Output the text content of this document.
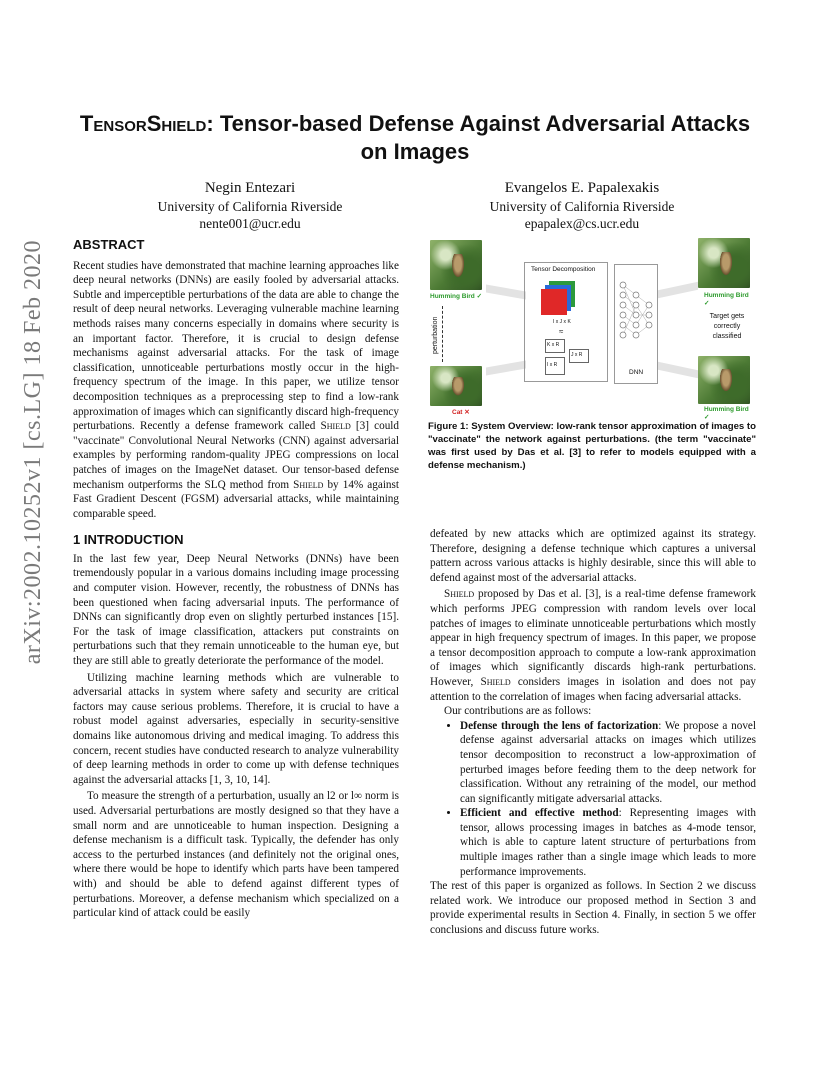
arXiv:2002.10252v1 [cs.LG] 18 Feb 2020
TensorShield: Tensor-based Defense Against Adversarial Attacks on Images
Negin Entezari
University of California Riverside
nente001@ucr.edu
Evangelos E. Papalexakis
University of California Riverside
epapalex@cs.ucr.edu
ABSTRACT

Recent studies have demonstrated that machine learning approaches like deep neural networks (DNNs) are easily fooled by adversarial attacks. Subtle and imperceptible perturbations of the data are able to change the result of deep neural networks. Leveraging vulnerable machine learning methods raises many concerns especially in domains where security is an important factor. Therefore, it is crucial to design defense mechanisms against adversarial attacks. For the task of image classification, unnoticeable perturbations mostly occur in the high-frequency spectrum of the image. In this paper, we utilize tensor decomposition techniques as a preprocessing step to find a low-rank approximation of images which can significantly discard high-frequency perturbations. Recently a defense framework called Shield [3] could "vaccinate" Convolutional Neural Networks (CNN) against adversarial examples by performing random-quality JPEG compressions on local patches of images on the ImageNet dataset. Our tensor-based defense mechanism outperforms the SLQ method from Shield by 14% against Fast Gradient Descent (FGSM) adversarial attacks, while maintaining comparable speed.

1 INTRODUCTION

In the last few year, Deep Neural Networks (DNNs) have been tremendously popular in a various domains including image processing and computer vision. However, recently, the robustness of DNNs has been questioned when facing adversarial inputs. The performance of DNNs can significantly drop even on slightly perturbed instances [15]. For the task of image classification, attackers put constraints on perturbations such that they remain unnoticeable to the human eye, but they are still able to greatly deteriorate the performance of the model.

Utilizing machine learning methods which are vulnerable to adversarial attacks in system where safety and security are critical factors may cause serious problems. Therefore, it is crucial to have a robust model against adversaries, especially in security-sensitive domains like autonomous driving and medical imaging. To address this concern, recent studies have conducted research to analyze vulnerability of deep learning methods in order to come up with defense techniques against the adversarial attacks [1, 3, 10, 14].

To measure the strength of a perturbation, usually an l2 or l∞ norm is used. Adversarial perturbations are mostly designed so that they have a small norm and are unnoticeable to human inspection. Designing a defense mechanism is a difficult task. Typically, the defender has only access to the perturbed instances (and definitely not the original ones, where there would be hope to identify which parts have been tampered with) and should be able to defend against different types of perturbations. Moreover, a defense mechanism which specialized on a particular kind of attack could be easily

Humming Bird ✓
perturbation
Cat ✕
Tensor Decomposition
I x J x K
≈
K x R
J x R
I x R
DNN
Humming Bird ✓
Target gets correctly classified
Humming Bird ✓
Figure 1: System Overview: low-rank tensor approximation of images to "vaccinate" the network against perturbations. (the term "vaccinate" was first used by Das et al. [3] to refer to models equipped with a defense mechanism.)

defeated by new attacks which are optimized against its strategy. Therefore, designing a defense technique which captures a universal pattern across various attacks is highly desirable, since this will able to defend against most of the adversarial attacks.

Shield proposed by Das et al. [3], is a real-time defense framework which performs JPEG compression with random levels over local patches of images to eliminate unnoticeable perturbations which mostly appear in high frequency spectrum of images. In this paper, we propose a tensor decomposition approach to compute a low-rank approximation of images which significantly discards high-rank perturbations. However, Shield considers images in isolation and does not pay attention to the correlation of images when facing adversarial attacks.

Our contributions are as follows:

• Defense through the lens of factorization: We propose a novel defense against adversarial attacks on images which utilizes tensor decomposition to reconstruct a low-approximation of perturbed images before feeding them to the deep network for classification. Without any retraining of the model, our method can significantly mitigate adversarial attacks.
• Efficient and effective method: Representing images with tensor, allows processing images in batches as 4-mode tensor, which is able to capture latent structure of perturbations from multiple images rather than a single image which leads to more performance improvements.

The rest of this paper is organized as follows. In Section 2 we discuss related work. We introduce our proposed method in Section 3 and provide experimental results in Section 4. Finally, in section 5 we offer conclusions and discuss future works.
